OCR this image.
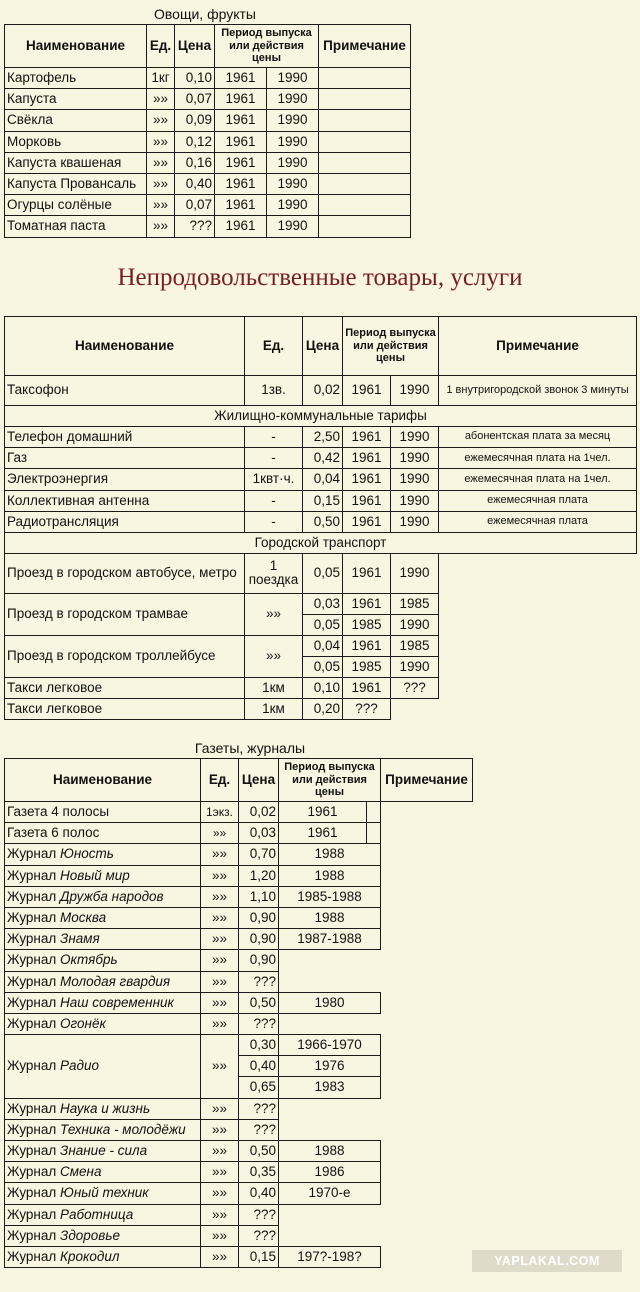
Овощи, фрукты
Наименование	Ед.	Цена	Период выпуска или действия цены		Примечание
Картофель	1кг	0,10	1961	1990	
Капуста	»»	0,07	1961	1990	
Свёкла	»»	0,09	1961	1990	
Морковь	»»	0,12	1961	1990	
Капуста квашеная	»»	0,16	1961	1990	
Капуста Провансаль	»»	0,40	1961	1990	
Огурцы солёные	»»	0,07	1961	1990	
Томатная паста	»»	???	1961	1990	
Непродовольственные товары, услуги
Наименование	Ед.	Цена	Период выпуска или действия цены		Примечание
Таксофон	1зв.	0,02	1961	1990	1 внутригородской звонок 3 минуты
Жилищно-коммунальные тарифы					
Телефон домашний	-	2,50	1961	1990	абонентская плата за месяц
Газ	-	0,42	1961	1990	ежемесячная плата на 1чел.
Электроэнергия	1квт·ч.	0,04	1961	1990	ежемесячная плата на 1чел.
Коллективная антенна	-	0,15	1961	1990	ежемесячная плата
Радиотрансляция	-	0,50	1961	1990	ежемесячная плата
Городской транспорт					
Проезд в городском автобусе, метро	1 поездка	0,05	1961	1990	
Проезд в городском трамвае	»»	0,03	1961	1985	
		0,05	1985	1990	
Проезд в городском троллейбусе	»»	0,04	1961	1985	
		0,05	1985	1990	
Такси легковое	1км	0,10	1961	???	
Такси легковое	1км	0,20	???		
Газеты, журналы
Наименование	Ед.	Цена	Период выпуска или действия цены		Примечание
Газета 4 полосы	1экз.	0,02	1961		
Газета 6 полос	»»	0,03	1961		
Журнал Юность	»»	0,70	1988		
Журнал Новый мир	»»	1,20	1988		
Журнал Дружба народов	»»	1,10	1985-1988		
Журнал Москва	»»	0,90	1988		
Журнал Знамя	»»	0,90	1987-1988		
Журнал Октябрь	»»	0,90			
Журнал Молодая гвардия	»»	???			
Журнал Наш современник	»»	0,50	1980		
Журнал Огонёк	»»	???			
Журнал Радио	»»	0,30	1966-1970		
		0,40	1976		
		0,65	1983		
Журнал Наука и жизнь	»»	???			
Журнал Техника - молодёжи	»»	???			
Журнал Знание - сила	»»	0,50	1988		
Журнал Смена	»»	0,35	1986		
Журнал Юный техник	»»	0,40	1970-е		
Журнал Работница	»»	???			
Журнал Здоровье	»»	???			
Журнал Крокодил	»»	0,15	197?-198?			YAPLAKAL.COM
